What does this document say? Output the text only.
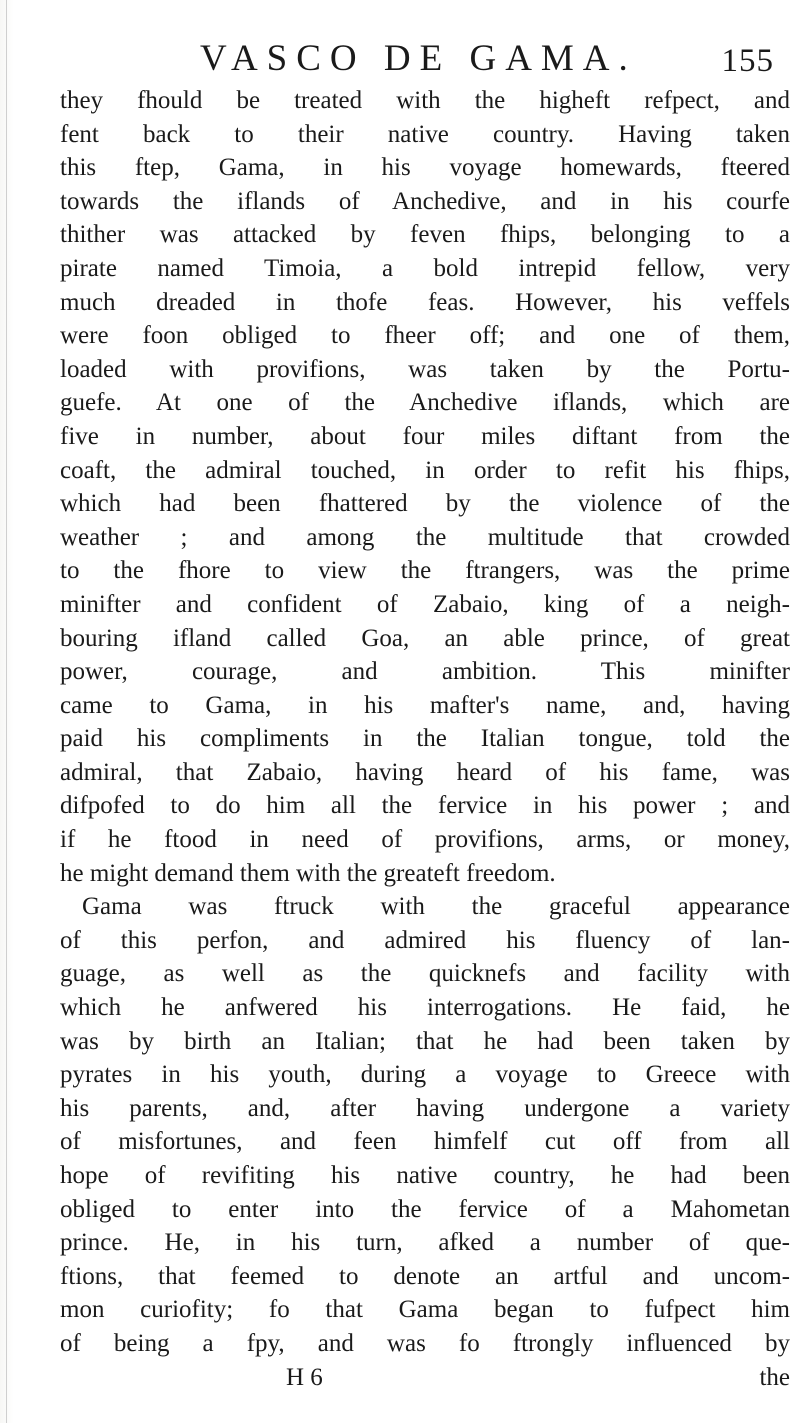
VASCO DE GAMA.	155
they fhould be treated with the higheft refpect, and
fent back to their native country. Having taken
this ftep, Gama, in his voyage homewards, fteered
towards the iflands of Anchedive, and in his courfe
thither was attacked by feven fhips, belonging to a
pirate named Timoia, a bold intrepid fellow, very
much dreaded in thofe feas. However, his veffels
were foon obliged to fheer off; and one of them,
loaded with provifions, was taken by the Portu-
guefe. At one of the Anchedive iflands, which are
five in number, about four miles diftant from the
coaft, the admiral touched, in order to refit his fhips,
which had been fhattered by the violence of the
weather ; and among the multitude that crowded
to the fhore to view the ftrangers, was the prime
minifter and confident of Zabaio, king of a neigh-
bouring ifland called Goa, an able prince, of great
power, courage, and ambition. This minifter
came to Gama, in his mafter's name, and, having
paid his compliments in the Italian tongue, told the
admiral, that Zabaio, having heard of his fame, was
difpofed to do him all the fervice in his power ; and
if he ftood in need of provifions, arms, or money,
he might demand them with the greateft freedom.
Gama was ftruck with the graceful appearance
of this perfon, and admired his fluency of lan-
guage, as well as the quicknefs and facility with
which he anfwered his interrogations. He faid, he
was by birth an Italian; that he had been taken by
pyrates in his youth, during a voyage to Greece with
his parents, and, after having undergone a variety
of misfortunes, and feen himfelf cut off from all
hope of revifiting his native country, he had been
obliged to enter into the fervice of a Mahometan
prince. He, in his turn, afked a number of que-
ftions, that feemed to denote an artful and uncom-
mon curiofity; fo that Gama began to fufpect him
of being a fpy, and was fo ftrongly influenced by
H 6	the
